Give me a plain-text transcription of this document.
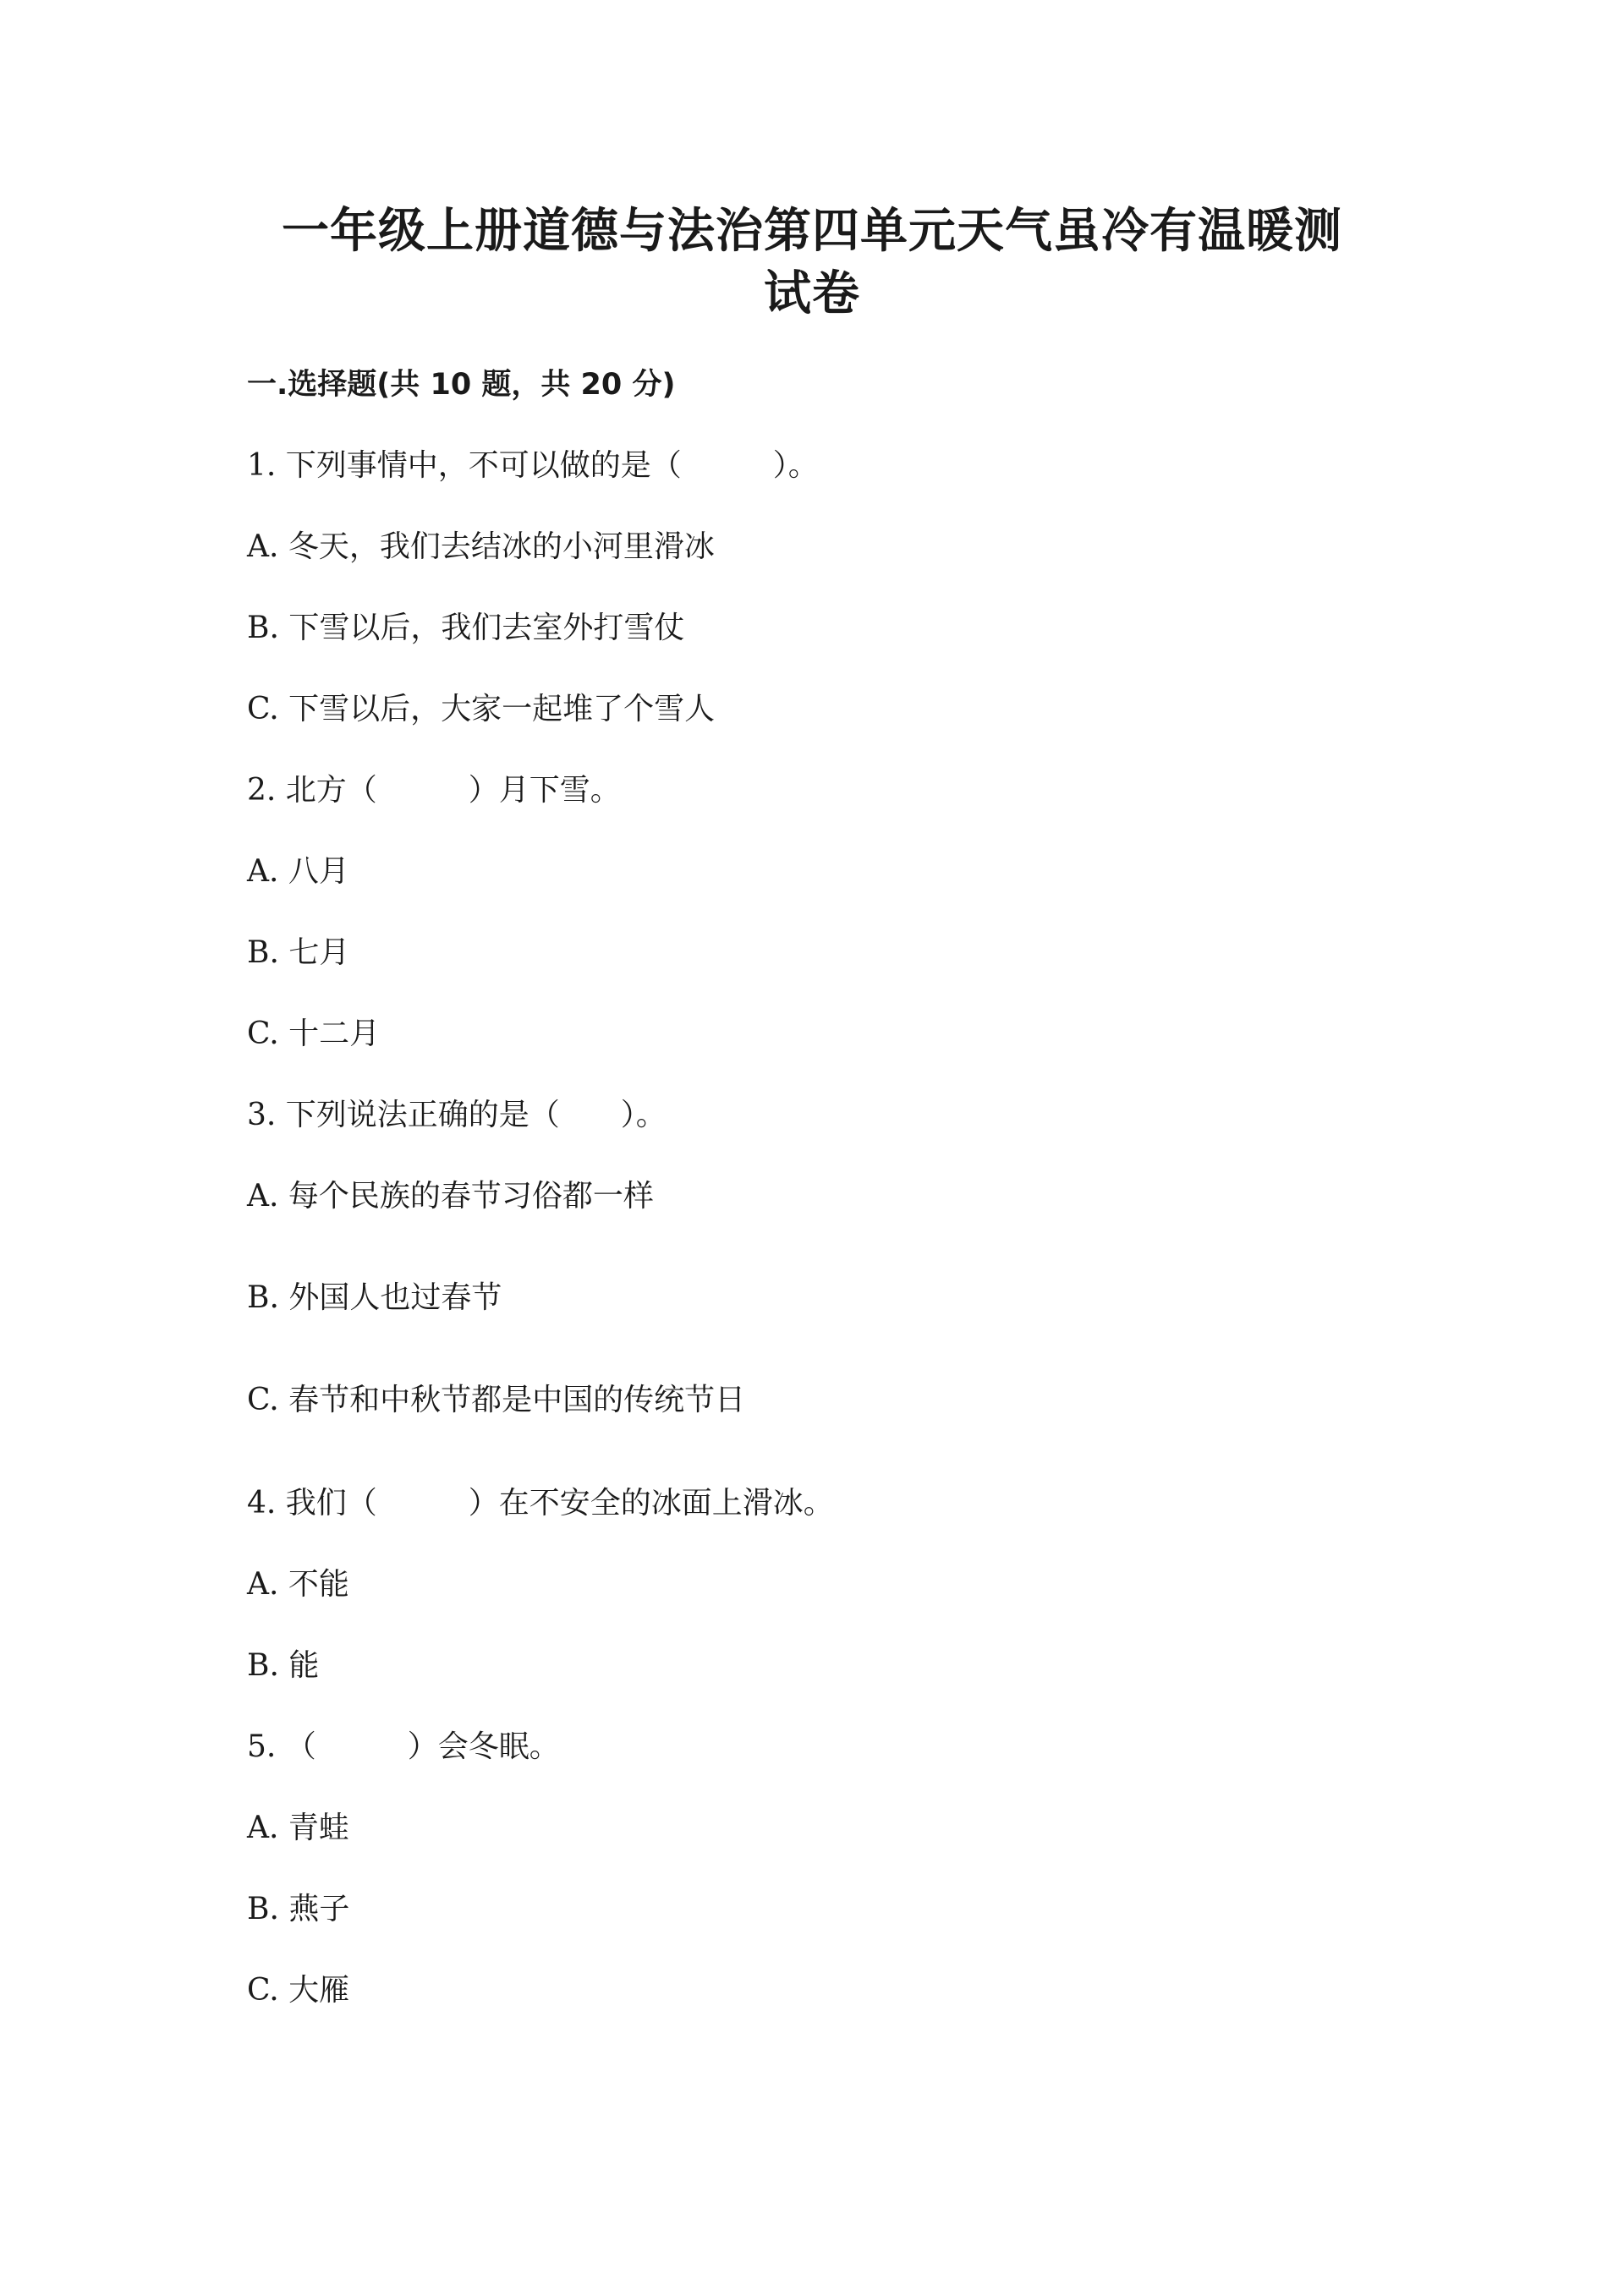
一年级上册道德与法治第四单元天气虽冷有温暖测
试卷
一.选择题(共 10 题，共 20 分)

1. 下列事情中，不可以做的是（　　　）。

A. 冬天，我们去结冰的小河里滑冰

B. 下雪以后，我们去室外打雪仗

C. 下雪以后，大家一起堆了个雪人

2. 北方（　　　）月下雪。

A. 八月

B. 七月

C. 十二月

3. 下列说法正确的是（　　）。

A. 每个民族的春节习俗都一样

B. 外国人也过春节

C. 春节和中秋节都是中国的传统节日

4. 我们（　　　）在不安全的冰面上滑冰。

A. 不能

B. 能

5. （　　　）会冬眠。

A. 青蛙

B. 燕子

C. 大雁
